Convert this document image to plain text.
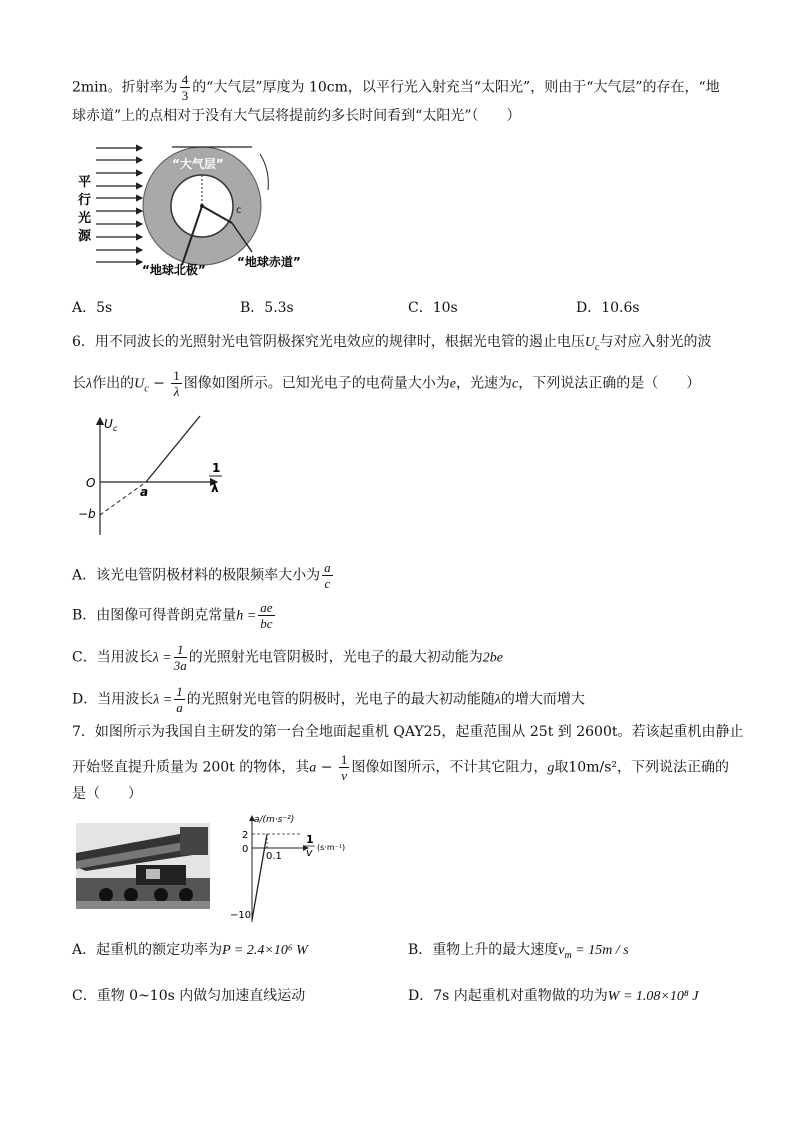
2min。折射率为 $\frac{4}{3}$ 的“大气层”厚度为 10cm，以平行光入射充当“太阳光”，则由于“大气层”的存在，“地
球赤道”上的点相对于没有大气层将提前约多长时间看到“太阳光”（　　）
平
行
光
源
“大气层”
c
“地球北极”
“地球赤道”
A．5s	B．5.3s	C．10s	D．10.6s
6．用不同波长的光照射光电管阴极探究光电效应的规律时，根据光电管的遏止电压$U_c$与对应入射光的波
长λ作出的$U_c - \frac{1}{\lambda}$ 图像如图所示。已知光电子的电荷量大小为e，光速为c，下列说法正确的是（　　）
U c
1
λ
O
a
−b
A．该光电管阴极材料的极限频率大小为 $\frac{a}{c}$
B．由图像可得普朗克常量$h = \frac{ae}{bc}$
C．当用波长$\lambda = \frac{1}{3a}$ 的光照射光电管阴极时，光电子的最大初动能为2be
D．当用波长$\lambda = \frac{1}{a}$ 的光照射光电管的阴极时，光电子的最大初动能随λ的增大而增大
7．如图所示为我国自主研发的第一台全地面起重机 QAY25，起重范围从 25t 到 2600t。若该起重机由静止
开始竖直提升质量为 200t 的物体，其$a - \frac{1}{v}$ 图像如图所示，不计其它阻力，g取10m/s²，下列说法正确的
是（　　）
a/(m·s⁻²)
2
0
0.1
−10
1
v (s·m⁻¹)
A．起重机的额定功率为P = 2.4×10⁶ W	B．重物上升的最大速度$v_m = 15m / s$
C．重物 0~10s 内做匀加速直线运动	D．7s 内起重机对重物做的功为W = 1.08×10⁸ J
